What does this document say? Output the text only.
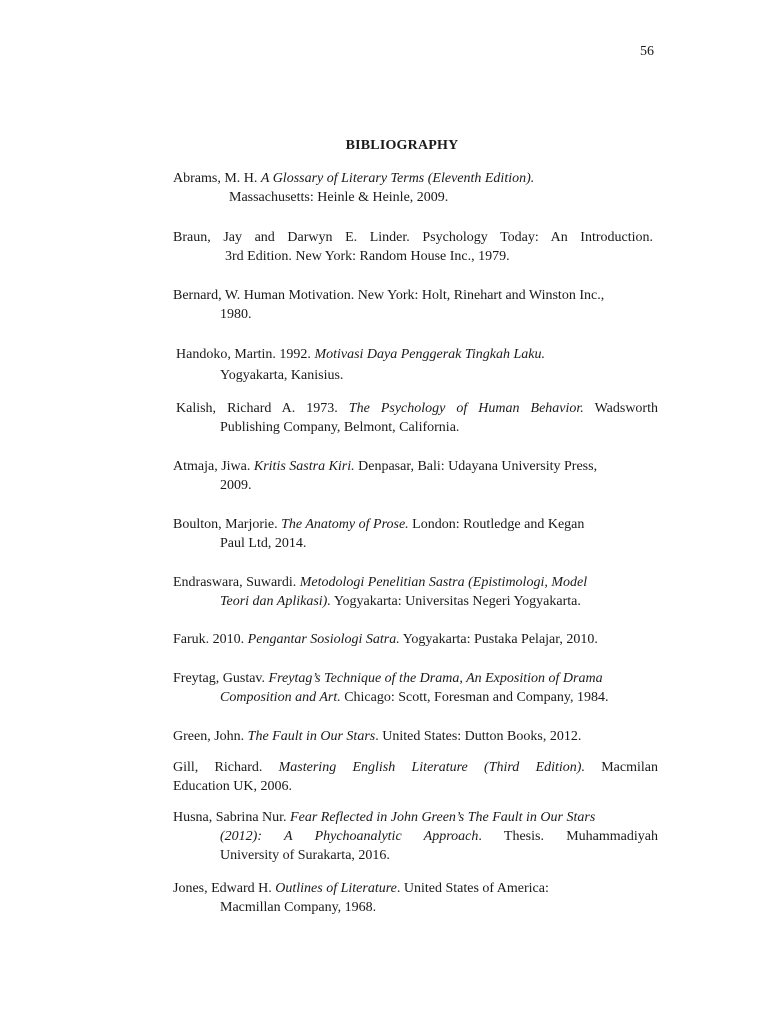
56
BIBLIOGRAPHY

Abrams, M. H. A Glossary of Literary Terms (Eleventh Edition).
Massachusetts: Heinle & Heinle, 2009.

Braun, Jay and Darwyn E. Linder. Psychology Today: An Introduction.
3rd Edition. New York: Random House Inc., 1979.

Bernard, W. Human Motivation. New York: Holt, Rinehart and Winston Inc.,
1980.

Handoko, Martin. 1992. Motivasi Daya Penggerak Tingkah Laku.
Yogyakarta, Kanisius.

Kalish, Richard A. 1973. The Psychology of Human Behavior. Wadsworth
Publishing Company, Belmont, California.

Atmaja, Jiwa. Kritis Sastra Kiri. Denpasar, Bali: Udayana University Press,
2009.

Boulton, Marjorie. The Anatomy of Prose. London: Routledge and Kegan
Paul Ltd, 2014.

Endraswara, Suwardi. Metodologi Penelitian Sastra (Epistimologi, Model
Teori dan Aplikasi). Yogyakarta: Universitas Negeri Yogyakarta.

Faruk. 2010. Pengantar Sosiologi Satra. Yogyakarta: Pustaka Pelajar, 2010.

Freytag, Gustav. Freytag’s Technique of the Drama, An Exposition of Drama
Composition and Art. Chicago: Scott, Foresman and Company, 1984.

Green, John. The Fault in Our Stars. United States: Dutton Books, 2012.

Gill, Richard. Mastering English Literature (Third Edition). Macmilan
Education UK, 2006.

Husna, Sabrina Nur. Fear Reflected in John Green’s The Fault in Our Stars
(2012): A Phychoanalytic Approach. Thesis. Muhammadiyah
University of Surakarta, 2016.

Jones, Edward H. Outlines of Literature. United States of America:
Macmillan Company, 1968.
